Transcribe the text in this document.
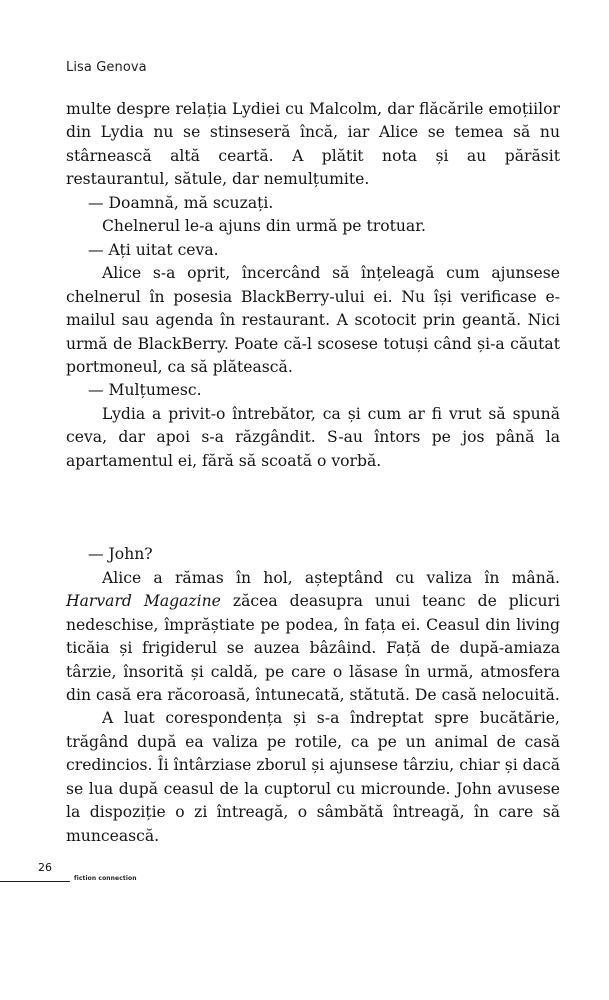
Lisa Genova

multe despre relația Lydiei cu Malcolm, dar flăcările emoțiilor din Lydia nu se stinseseră încă, iar Alice se temea să nu stârnească altă ceartă. A plătit nota și au părăsit restaurantul, sătule, dar nemulțumite.

— Doamnă, mă scuzați.

Chelnerul le-a ajuns din urmă pe trotuar.

— Ați uitat ceva.

Alice s-a oprit, încercând să înțeleagă cum ajunsese chelnerul în posesia BlackBerry-ului ei. Nu își verificase e-mailul sau agenda în restaurant. A scotocit prin geantă. Nici urmă de BlackBerry. Poate că-l scosese totuși când și-a căutat portmoneul, ca să plătească.

— Mulțumesc.

Lydia a privit-o întrebător, ca și cum ar fi vrut să spună ceva, dar apoi s-a răzgândit. S-au întors pe jos până la apartamentul ei, fără să scoată o vorbă.

— John?

Alice a rămas în hol, așteptând cu valiza în mână. Harvard Magazine zăcea deasupra unui teanc de plicuri nedeschise, împrăștiate pe podea, în fața ei. Ceasul din living ticăia și frigiderul se auzea bâzâind. Față de după-amiaza târzie, însorită și caldă, pe care o lăsase în urmă, atmosfera din casă era răcoroasă, întunecată, stătută. De casă nelocuită.

A luat corespondența și s-a îndreptat spre bucătărie, trăgând după ea valiza pe rotile, ca pe un animal de casă credincios. Îi întârziase zborul și ajunsese târziu, chiar și dacă se lua după ceasul de la cuptorul cu microunde. John avusese la dispoziție o zi întreagă, o sâmbătă întreagă, în care să muncească.

26
fiction connection
